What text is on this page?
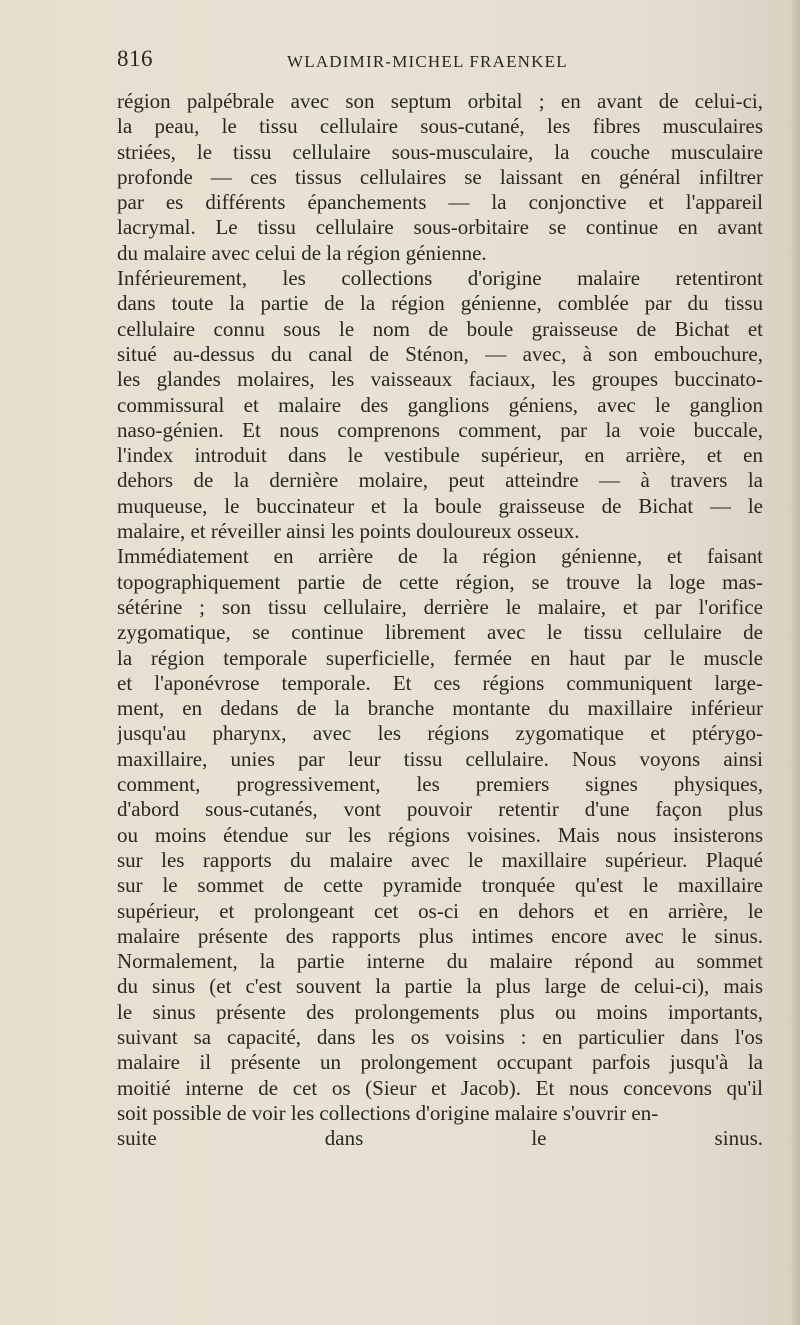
816	WLADIMIR-MICHEL FRAENKEL
région palpébrale avec son septum orbital ; en avant de celui-ci,
la peau, le tissu cellulaire sous-cutané, les fibres musculaires
striées, le tissu cellulaire sous-musculaire, la couche musculaire
profonde — ces tissus cellulaires se laissant en général infiltrer
par es différents épanchements — la conjonctive et l'appareil
lacrymal. Le tissu cellulaire sous-orbitaire se continue en avant
du malaire avec celui de la région génienne.
Inférieurement, les collections d'origine malaire retentiront
dans toute la partie de la région génienne, comblée par du tissu
cellulaire connu sous le nom de boule graisseuse de Bichat et
situé au-dessus du canal de Sténon, — avec, à son embouchure,
les glandes molaires, les vaisseaux faciaux, les groupes buccinato-
commissural et malaire des ganglions géniens, avec le ganglion
naso-génien. Et nous comprenons comment, par la voie buccale,
l'index introduit dans le vestibule supérieur, en arrière, et en
dehors de la dernière molaire, peut atteindre — à travers la
muqueuse, le buccinateur et la boule graisseuse de Bichat — le
malaire, et réveiller ainsi les points douloureux osseux.
Immédiatement en arrière de la région génienne, et faisant
topographiquement partie de cette région, se trouve la loge mas-
sétérine ; son tissu cellulaire, derrière le malaire, et par l'orifice
zygomatique, se continue librement avec le tissu cellulaire de
la région temporale superficielle, fermée en haut par le muscle
et l'aponévrose temporale. Et ces régions communiquent large-
ment, en dedans de la branche montante du maxillaire inférieur
jusqu'au pharynx, avec les régions zygomatique et ptérygo-
maxillaire, unies par leur tissu cellulaire. Nous voyons ainsi
comment, progressivement, les premiers signes physiques,
d'abord sous-cutanés, vont pouvoir retentir d'une façon plus
ou moins étendue sur les régions voisines. Mais nous insisterons
sur les rapports du malaire avec le maxillaire supérieur. Plaqué
sur le sommet de cette pyramide tronquée qu'est le maxillaire
supérieur, et prolongeant cet os-ci en dehors et en arrière, le
malaire présente des rapports plus intimes encore avec le sinus.
Normalement, la partie interne du malaire répond au sommet
du sinus (et c'est souvent la partie la plus large de celui-ci), mais
le sinus présente des prolongements plus ou moins importants,
suivant sa capacité, dans les os voisins : en particulier dans l'os
malaire il présente un prolongement occupant parfois jusqu'à la
moitié interne de cet os (Sieur et Jacob). Et nous concevons qu'il
soit possible de voir les collections d'origine malaire s'ouvrir en-
suite dans le sinus.
